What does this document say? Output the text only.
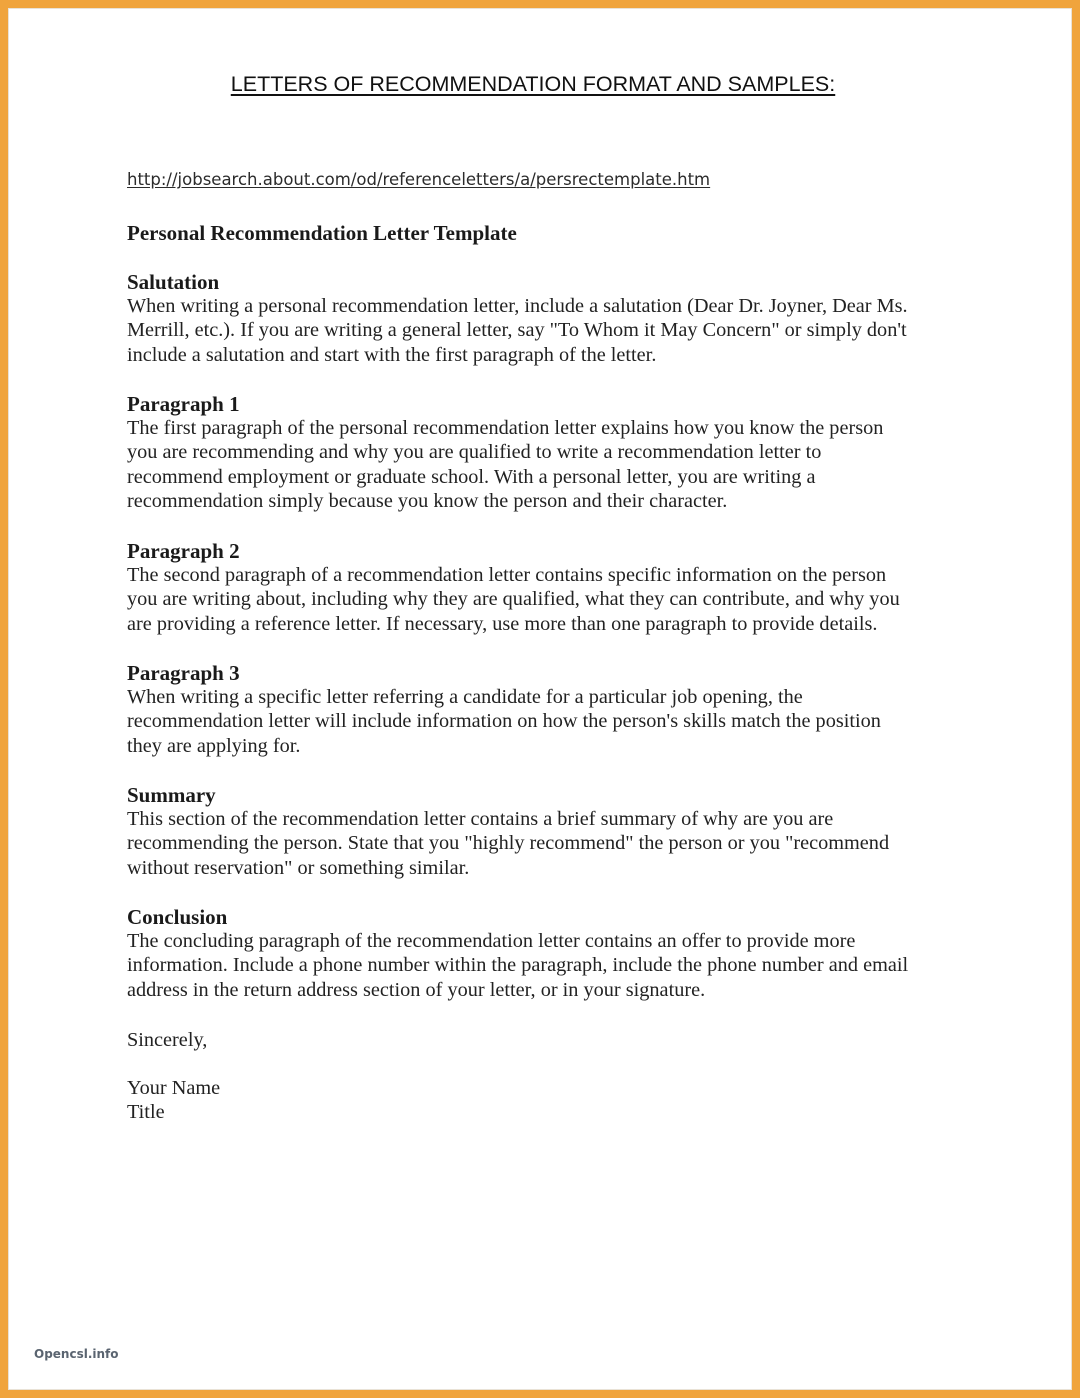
LETTERS OF RECOMMENDATION FORMAT AND SAMPLES:
http://jobsearch.about.com/od/referenceletters/a/persrectemplate.htm
Personal Recommendation Letter Template

Salutation

When writing a personal recommendation letter, include a salutation (Dear Dr. Joyner, Dear Ms.
Merrill, etc.). If you are writing a general letter, say "To Whom it May Concern" or simply don't
include a salutation and start with the first paragraph of the letter.

Paragraph 1

The first paragraph of the personal recommendation letter explains how you know the person
you are recommending and why you are qualified to write a recommendation letter to
recommend employment or graduate school. With a personal letter, you are writing a
recommendation simply because you know the person and their character.

Paragraph 2

The second paragraph of a recommendation letter contains specific information on the person
you are writing about, including why they are qualified, what they can contribute, and why you
are providing a reference letter. If necessary, use more than one paragraph to provide details.

Paragraph 3

When writing a specific letter referring a candidate for a particular job opening, the
recommendation letter will include information on how the person's skills match the position
they are applying for.

Summary

This section of the recommendation letter contains a brief summary of why are you are
recommending the person. State that you "highly recommend" the person or you "recommend
without reservation" or something similar.

Conclusion

The concluding paragraph of the recommendation letter contains an offer to provide more
information. Include a phone number within the paragraph, include the phone number and email
address in the return address section of your letter, or in your signature.

Sincerely,
Your Name
Title
Opencsl.info
